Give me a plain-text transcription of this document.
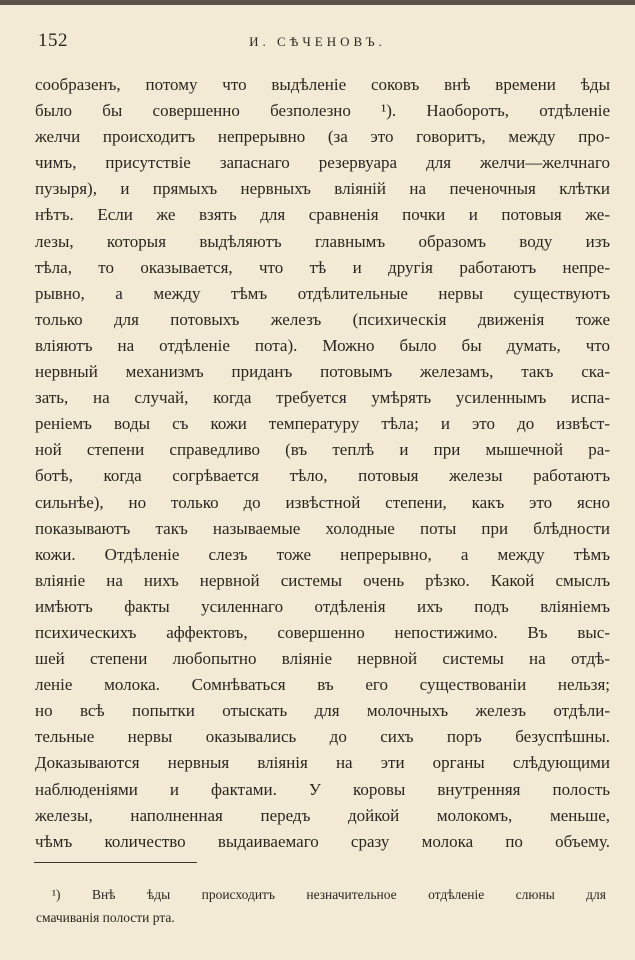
152	И. СѢЧЕНОВЪ.
сообразенъ, потому что выдѣленіе соковъ внѣ времени ѣды
было бы совершенно безполезно ¹). Наоборотъ, отдѣленіе
желчи происходитъ непрерывно (за это говоритъ, между про-
чимъ, присутствіе запаснаго резервуара для желчи—желчнаго
пузыря), и прямыхъ нервныхъ вліяній на печеночныя клѣтки
нѣтъ. Если же взять для сравненія почки и потовыя же-
лезы, которыя выдѣляютъ главнымъ образомъ воду изъ
тѣла, то оказывается, что тѣ и другія работаютъ непре-
рывно, а между тѣмъ отдѣлительные нервы существуютъ
только для потовыхъ железъ (психическія движенія тоже
вліяютъ на отдѣленіе пота). Можно было бы думать, что
нервный механизмъ приданъ потовымъ железамъ, такъ ска-
зать, на случай, когда требуется умѣрять усиленнымъ испа-
реніемъ воды съ кожи температуру тѣла; и это до извѣст-
ной степени справедливо (въ теплѣ и при мышечной ра-
ботѣ, когда согрѣвается тѣло, потовыя железы работаютъ
сильнѣе), но только до извѣстной степени, какъ это ясно
показываютъ такъ называемые холодные поты при блѣдности
кожи. Отдѣленіе слезъ тоже непрерывно, а между тѣмъ
вліяніе на нихъ нервной системы очень рѣзко. Какой смыслъ
имѣютъ факты усиленнаго отдѣленія ихъ подъ вліяніемъ
психическихъ аффектовъ, совершенно непостижимо. Въ выс-
шей степени любопытно вліяніе нервной системы на отдѣ-
леніе молока. Сомнѣваться въ его существованіи нельзя;
но всѣ попытки отыскать для молочныхъ железъ отдѣли-
тельные нервы оказывались до сихъ поръ безуспѣшны.
Доказываются нервныя вліянія на эти органы слѣдующими
наблюденіями и фактами. У коровы внутренняя полость
железы, наполненная передъ дойкой молокомъ, меньше,
чѣмъ количество выдаиваемаго сразу молока по объему.
¹) Внѣ ѣды происходитъ незначительное отдѣленіе слюны для
смачиванія полости рта.
